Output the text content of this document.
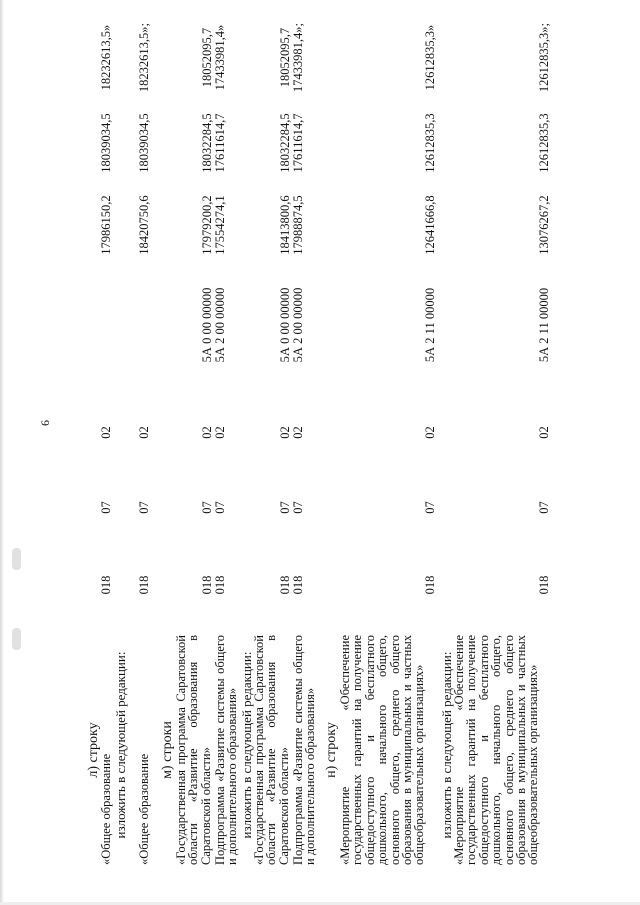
6
л) строку
«Общее образование
018
07
02
17986150,2
18039034,5
18232613,5»
изложить в следующей редакции: «Общее образование
018
07
02
18420750,6
18039034,5
18232613,5»;
м) строки «Государственная программа Саратовской области «Развитие образования в Саратовской области»
018
07
02
5А 0 00 00000
17979200,2
18032284,5
18052095,7
Подпрограмма «Развитие системы общего и дополнительного образования»
018
07
02
5А 2 00 00000
17554274,1
17611614,7
17433981,4»
изложить в следующей редакции:
«Государственная программа Саратовской области «Развитие образования в Саратовской области»
018
07
02
5А 0 00 00000
18413800,6
18032284,5
18052095,7
Подпрограмма «Развитие системы общего и дополнительного образования»
018
07
02
5А 2 00 00000
17988874,5
17611614,7
17433981,4»;
н) строку «Мероприятие «Обеспечение государственных гарантий на получение общедоступного и бесплатного дошкольного, начального общего, основного общего, среднего общего образования в муниципальных и частных общеобразовательных организациях»
018
07
02
5А 2 11 00000
12641666,8
12612835,3
12612835,3»
изложить в следующей редакции:
«Мероприятие «Обеспечение государственных гарантий на получение общедоступного и бесплатного дошкольного, начального общего, основного общего, среднего общего образования в муниципальных и частных общеобразовательных организациях»
018
07
02
5А 2 11 00000
13076267,2
12612835,3
12612835,3»;
